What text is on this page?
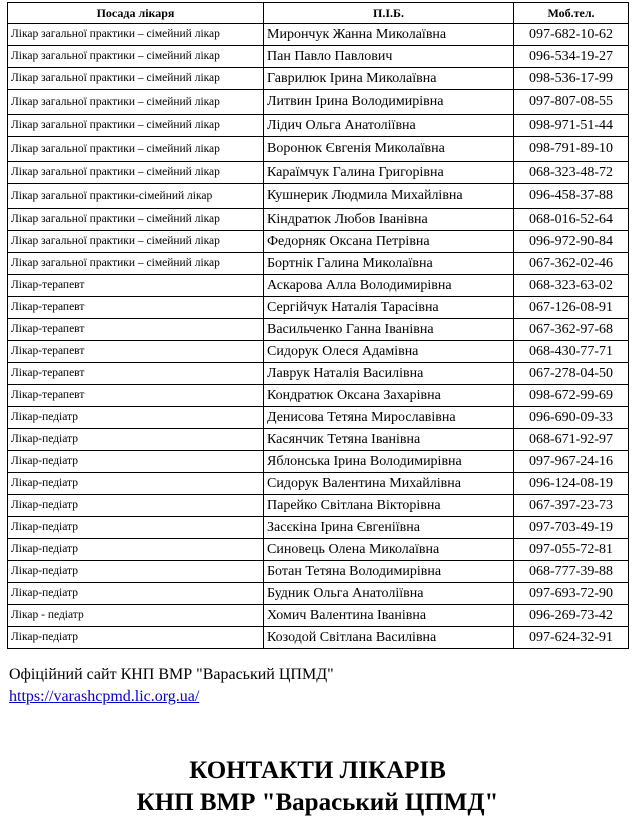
Посада лікаря	П.І.Б.	Моб.тел.
Лікар загальної практики – сімейний лікар	Мирончук Жанна Миколаївна	097-682-10-62
Лікар загальної практики – сімейний лікар	Пан Павло Павлович	096-534-19-27
Лікар загальної практики – сімейний лікар	Гаврилюк Ірина Миколаївна	098-536-17-99
Лікар загальної практики – сімейний лікар	Литвин Ірина Володимирівна	097-807-08-55
Лікар загальної практики – сімейний лікар	Лідич Ольга Анатоліївна	098-971-51-44
Лікар загальної практики – сімейний лікар	Воронюк Євгенія Миколаївна	098-791-89-10
Лікар загальної практики – сімейний лікар	Караїмчук Галина Григорівна	068-323-48-72
Лікар загальної практики-сімейний лікар	Кушнерик Людмила Михайлівна	096-458-37-88
Лікар загальної практики – сімейний лікар	Кіндратюк Любов Іванівна	068-016-52-64
Лікар загальної практики – сімейний лікар	Федорняк Оксана Петрівна	096-972-90-84
Лікар загальної практики – сімейний лікар	Бортнік Галина Миколаївна	067-362-02-46
Лікар-терапевт	Аскарова Алла Володимирівна	068-323-63-02
Лікар-терапевт	Сергійчук Наталія Тарасівна	067-126-08-91
Лікар-терапевт	Васильченко Ганна Іванівна	067-362-97-68
Лікар-терапевт	Сидорук Олеся Адамівна	068-430-77-71
Лікар-терапевт	Лаврук Наталія Василівна	067-278-04-50
Лікар-терапевт	Кондратюк Оксана Захарівна	098-672-99-69
Лікар-педіатр	Денисова Тетяна Мирославівна	096-690-09-33
Лікар-педіатр	Касянчик Тетяна Іванівна	068-671-92-97
Лікар-педіатр	Яблонська Ірина Володимирівна	097-967-24-16
Лікар-педіатр	Сидорук Валентина Михайлівна	096-124-08-19
Лікар-педіатр	Парейко Світлана Вікторівна	067-397-23-73
Лікар-педіатр	Засєкіна Ірина Євгеніївна	097-703-49-19
Лікар-педіатр	Синовець Олена Миколаївна	097-055-72-81
Лікар-педіатр	Ботан Тетяна Володимирівна	068-777-39-88
Лікар-педіатр	Будник Ольга Анатоліївна	097-693-72-90
Лікар - педіатр	Хомич Валентина Іванівна	096-269-73-42
Лікар-педіатр	Козодой Світлана Василівна	097-624-32-91
Офіційний сайт КНП ВМР "Вараський ЦПМД"
https://varashcpmd.lic.org.ua/
КОНТАКТИ ЛІКАРІВ
КНП ВМР "Вараський ЦПМД"
